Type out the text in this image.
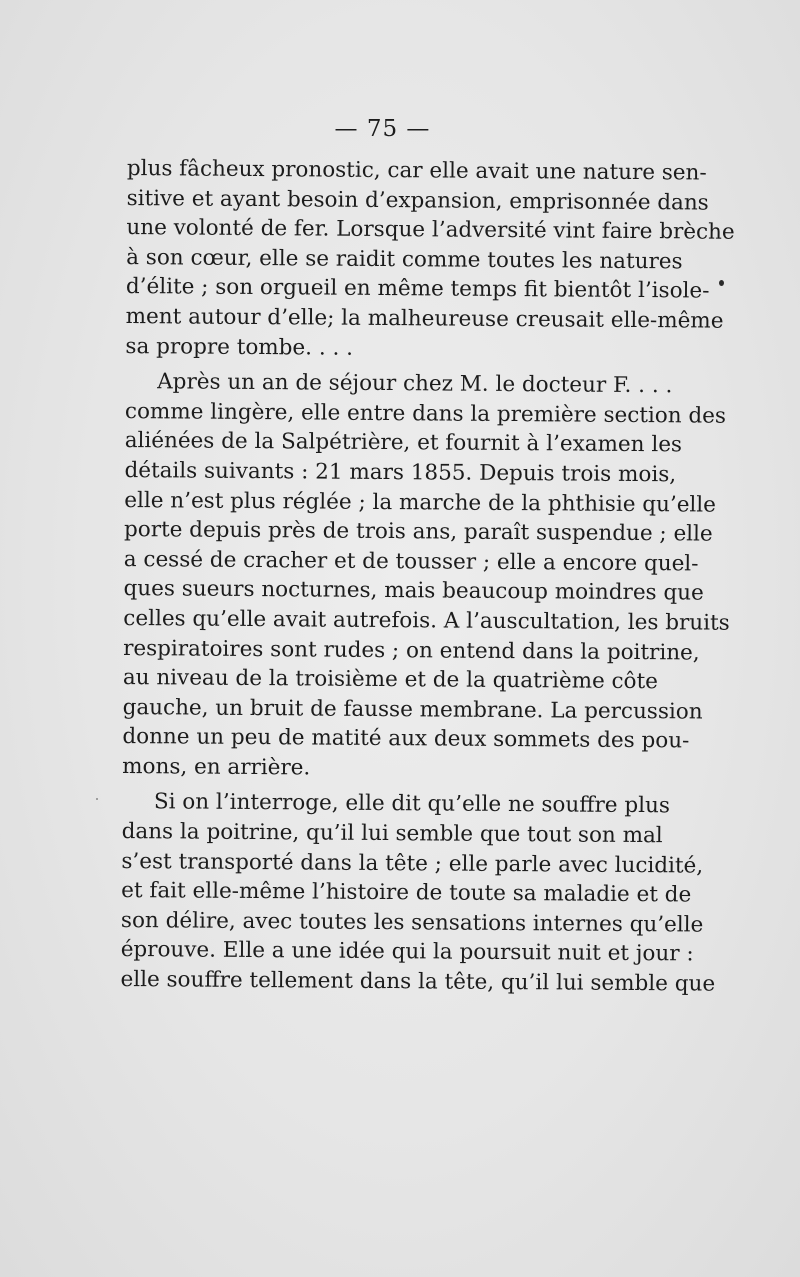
— 75 —
plus fâcheux pronostic, car elle avait une nature sen-
sitive et ayant besoin d’expansion, emprisonnée dans
une volonté de fer. Lorsque l’adversité vint faire brèche
à son cœur, elle se raidit comme toutes les natures
d’élite ; son orgueil en même temps fit bientôt l’isole-
ment autour d’elle; la malheureuse creusait elle-même
sa propre tombe. . . .
Après un an de séjour chez M. le docteur F. . . .
comme lingère, elle entre dans la première section des
aliénées de la Salpétrière, et fournit à l’examen les
détails suivants : 21 mars 1855. Depuis trois mois,
elle n’est plus réglée ; la marche de la phthisie qu’elle
porte depuis près de trois ans, paraît suspendue ; elle
a cessé de cracher et de tousser ; elle a encore quel-
ques sueurs nocturnes, mais beaucoup moindres que
celles qu’elle avait autrefois. A l’auscultation, les bruits
respiratoires sont rudes ; on entend dans la poitrine,
au niveau de la troisième et de la quatrième côte
gauche, un bruit de fausse membrane. La percussion
donne un peu de matité aux deux sommets des pou-
mons, en arrière.
Si on l’interroge, elle dit qu’elle ne souffre plus
dans la poitrine, qu’il lui semble que tout son mal
s’est transporté dans la tête ; elle parle avec lucidité,
et fait elle-même l’histoire de toute sa maladie et de
son délire, avec toutes les sensations internes qu’elle
éprouve. Elle a une idée qui la poursuit nuit et jour :
elle souffre tellement dans la tête, qu’il lui semble que
